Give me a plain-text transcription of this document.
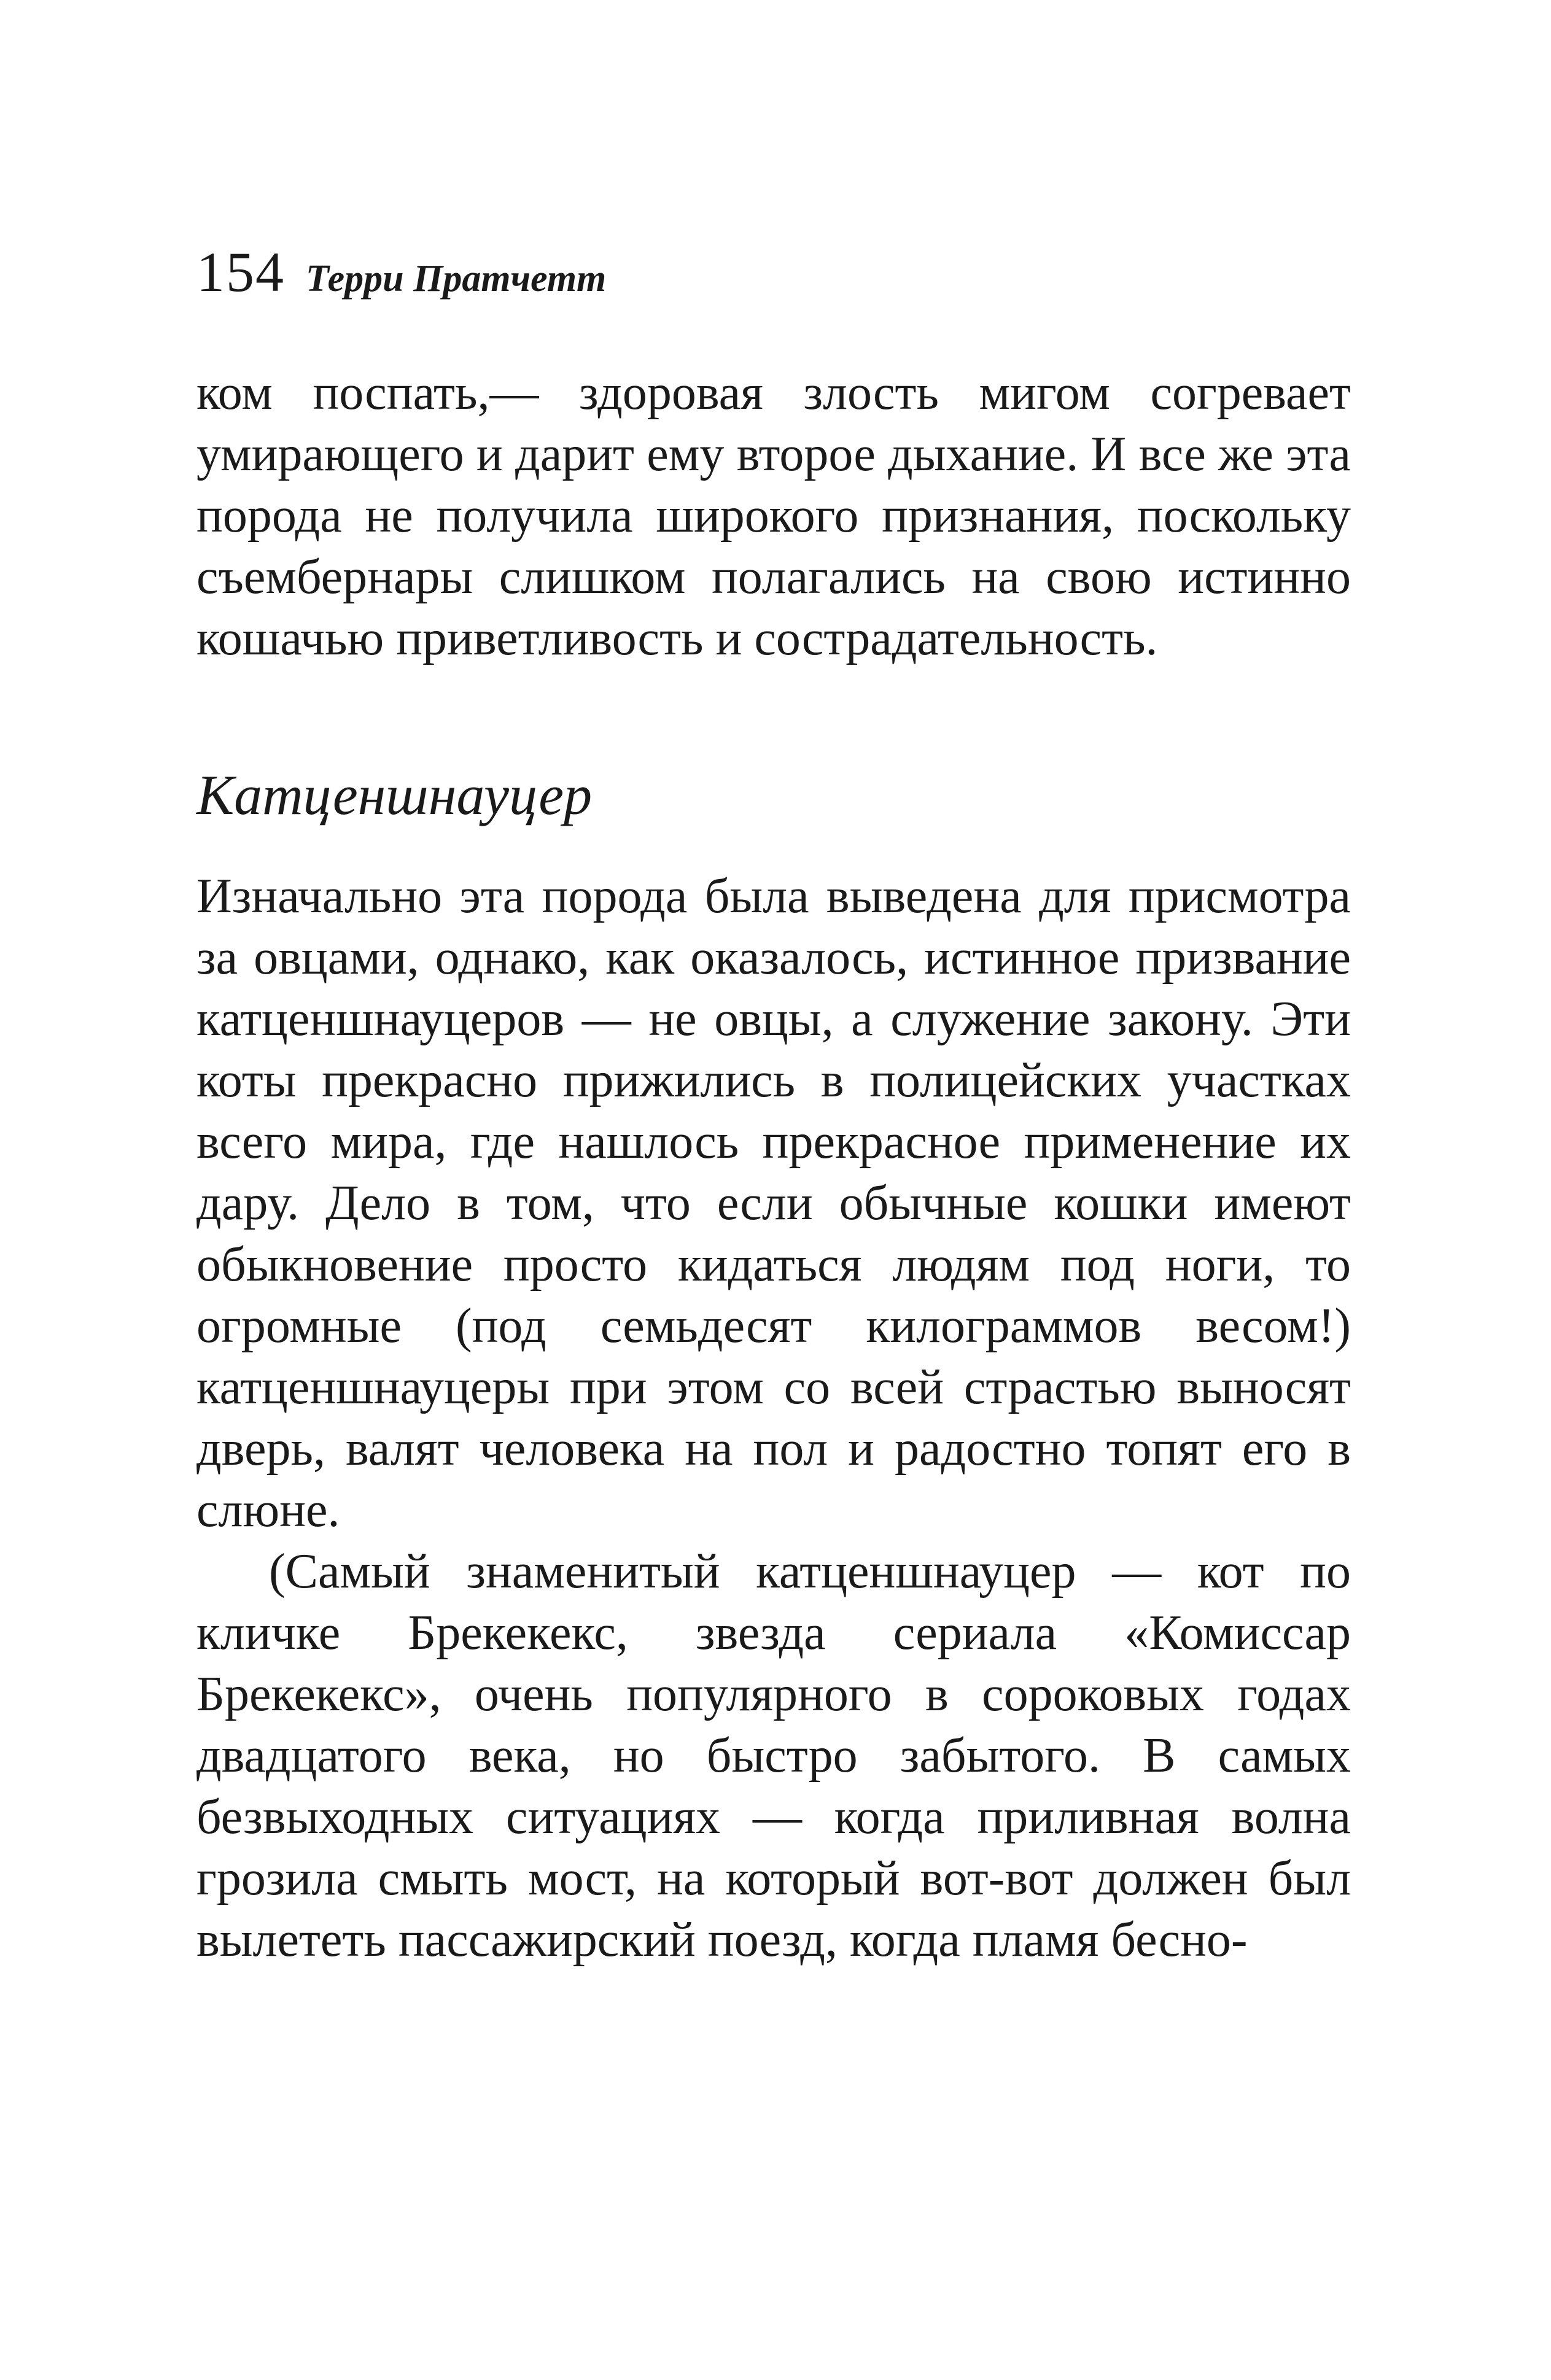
154 Терри Пратчетт

ком поспать,— здоровая злость мигом согревает умирающего и дарит ему второе дыхание. И все же эта порода не получила широкого признания, поскольку съембернары слишком полагались на свою истинно кошачью приветливость и сострадательность.

Катценшнауцер

Изначально эта порода была выведена для присмотра за овцами, однако, как оказалось, истинное призвание катценшнауцеров — не овцы, а служение закону. Эти коты прекрасно прижились в полицейских участках всего мира, где нашлось прекрасное применение их дару. Дело в том, что если обычные кошки имеют обыкновение просто кидаться людям под ноги, то огромные (под семьдесят килограммов весом!) катценшнауцеры при этом со всей страстью выносят дверь, валят человека на пол и радостно топят его в слюне.

(Самый знаменитый катценшнауцер — кот по кличке Брекекекс, звезда сериала «Комиссар Брекекекс», очень популярного в сороковых годах двадцатого века, но быстро забытого. В самых безвыходных ситуациях — когда приливная волна грозила смыть мост, на который вот-вот должен был вылететь пассажирский поезд, когда пламя бесно-
